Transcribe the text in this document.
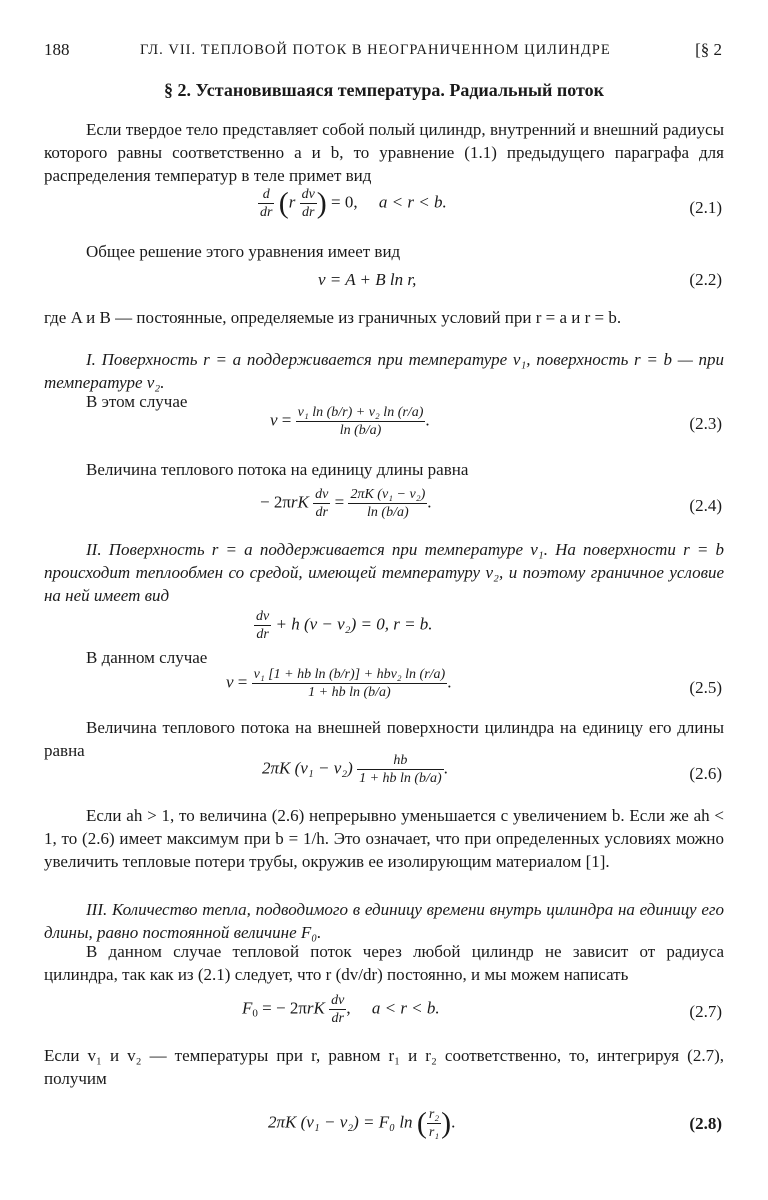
188	ГЛ. VII. ТЕПЛОВОЙ ПОТОК В НЕОГРАНИЧЕННОМ ЦИЛИНДРЕ	[§ 2
§ 2. Установившаяся температура. Радиальный поток
Если твердое тело представляет собой полый цилиндр, внутренний и внешний радиусы которого равны соответственно a и b, то уравнение (1.1) предыдущего параграфа для распределения температур в теле примет вид
$\frac{d}{dr} (r \frac{dv}{dr}$ ) = 0,     a < r < b.	(2.1)
Общее решение этого уравнения имеет вид
v = A + B ln r,	(2.2)
где A и B — постоянные, определяемые из граничных условий при r = a и r = b.
I. Поверхность r = a поддерживается при температуре v₁, поверхность r = b — при температуре v₂.
В этом случае
$v = \frac{\text{v₁ ln (b/r) + v₂ ln (r/a)}}{\ln (b/a)}$ .	(2.3)
Величина теплового потока на единицу длины равна
− $2\pi rK \frac{dv}{dr} = \frac{\text{2πK (v₁ − v₂)}}{\ln (b/a)}$ .	(2.4)
II. Поверхность r = a поддерживается при температуре v₁. На поверхности r = b происходит теплообмен со средой, имеющей температуру v₂, и поэтому граничное условие на ней имеет вид
$\frac{dv}{dr} + h$ (v − v₂) = 0, r = b.
В данном случае
$v = \frac{\text{v₁ [1 + hb ln (b/r)] + hbv₂ ln (r/a)}}{\text{1 + hb ln (b/a)}}$ .	(2.5)
Величина теплового потока на внешней поверхности цилиндра на единицу его длины равна
2πK $(v_1 - v_2) \frac{hb}{\text{1 + hb ln (b/a)}}$ .	(2.6)
Если ah > 1, то величина (2.6) непрерывно уменьшается с увеличением b. Если же ah < 1, то (2.6) имеет максимум при b = 1/h. Это означает, что при определенных условиях можно увеличить тепловые потери трубы, окружив ее изолирующим материалом [1].
III. Количество тепла, подводимого в единицу времени внутрь цилиндра на единицу его длины, равно постоянной величине F₀.
В данном случае тепловой поток через любой цилиндр не зависит от радиуса цилиндра, так как из (2.1) следует, что r (dv/dr) постоянно, и мы можем написать
$F_0$ = − $2\pi rK \frac{dv}{dr}$ ,     a < r < b.	(2.7)
Если v₁ и v₂ — температуры при r, равном r₁ и r₂ соответственно, то, интегрируя (2.7), получим
2πK (v₁ − v₂) = F₀ ln ( $\frac{\text{r₂}}{\text{r₁}}$ ).	(2.8)
